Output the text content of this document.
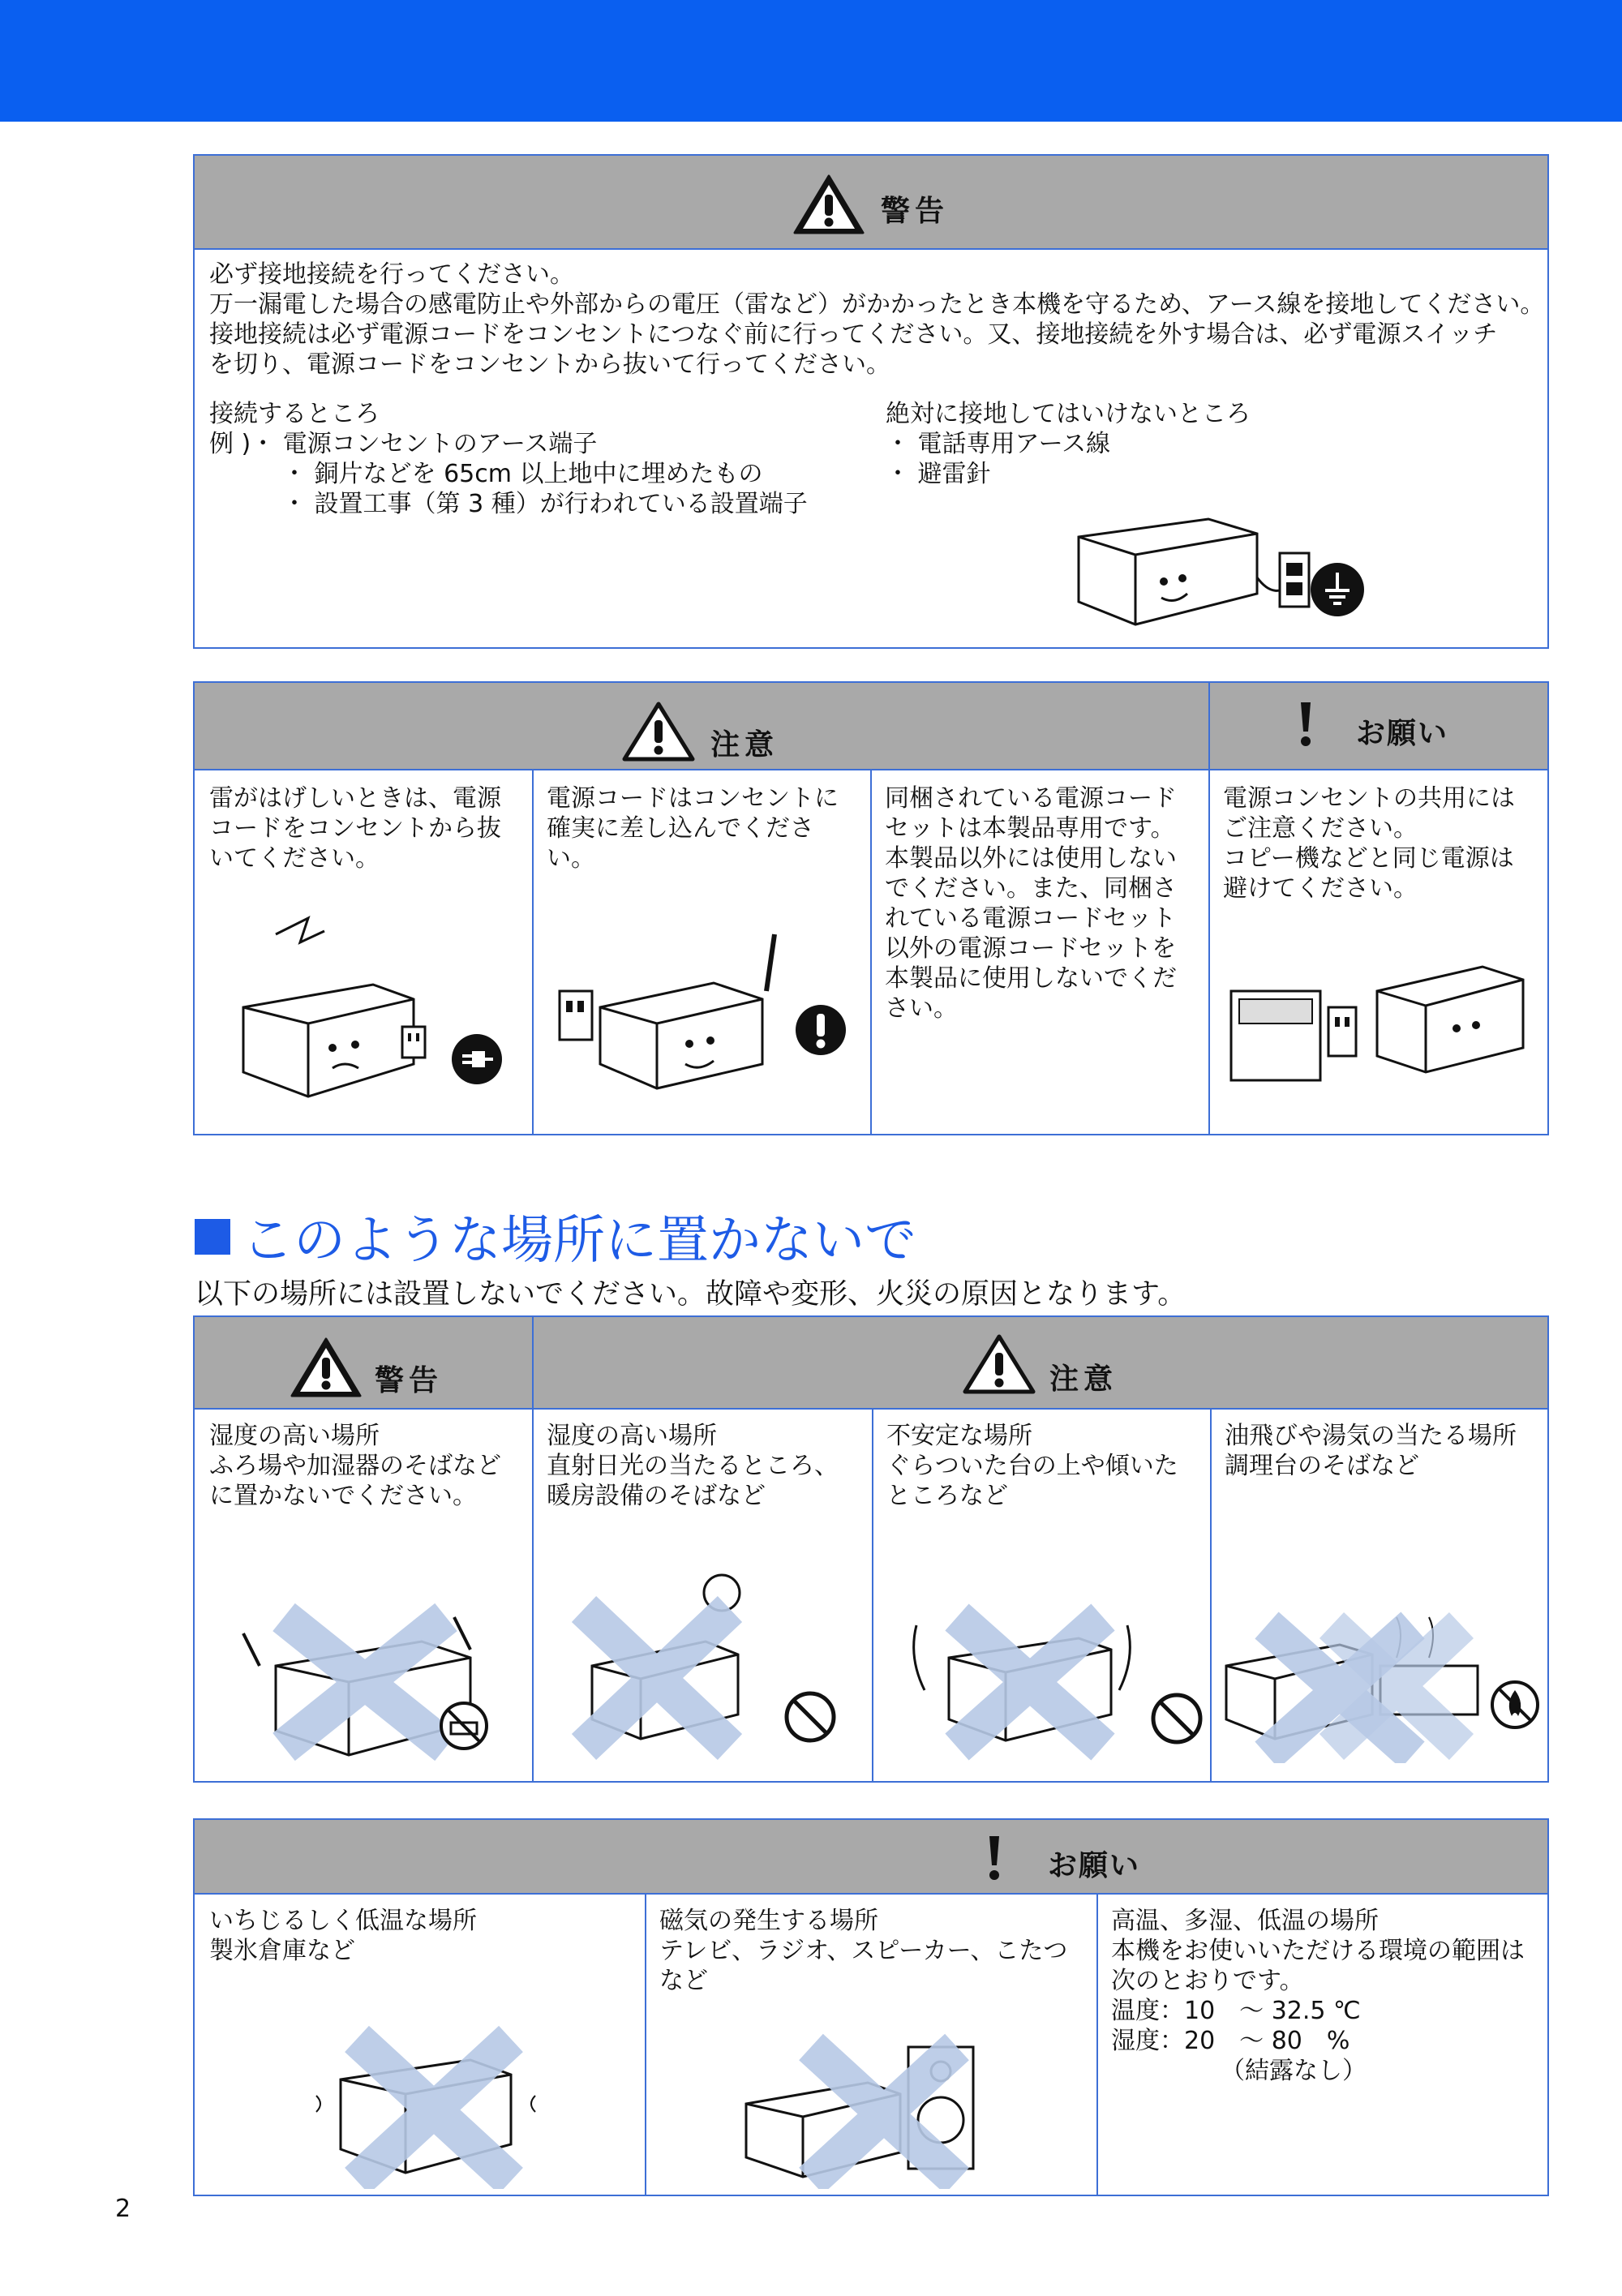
警告
必ず接地接続を行ってください。
万一漏電した場合の感電防止や外部からの電圧（雷など）がかかったとき本機を守るため、アース線を接地してください。
接地接続は必ず電源コードをコンセントにつなぐ前に行ってください。又、接地接続を外す場合は、必ず電源スイッチ
を切り、電源コードをコンセントから抜いて行ってください。
接続するところ
例 )・ 電源コンセントのアース端子
　　　・ 銅片などを 65cm 以上地中に埋めたもの
　　　・ 設置工事（第 3 種）が行われている設置端子
絶対に接地してはいけないところ
・ 電話専用アース線
・ 避雷針
注意	お願い
雷がはげしいときは、電源
コードをコンセントから抜
いてください。
電源コードはコンセントに
確実に差し込んでくださ
い。
同梱されている電源コード
セットは本製品専用です。
本製品以外には使用しない
でください。また、同梱さ
れている電源コードセット
以外の電源コードセットを
本製品に使用しないでくだ
さい。
電源コンセントの共用には
ご注意ください。
コピー機などと同じ電源は
避けてください。
このような場所に置かないで
以下の場所には設置しないでください。故障や変形、火災の原因となります。
警告	注意
湿度の高い場所
ふろ場や加湿器のそばなど
に置かないでください。
湿度の高い場所
直射日光の当たるところ、
暖房設備のそばなど
不安定な場所
ぐらついた台の上や傾いた
ところなど
油飛びや湯気の当たる場所
調理台のそばなど
お願い
いちじるしく低温な場所
製氷倉庫など
磁気の発生する場所
テレビ、ラジオ、スピーカー、こたつ
など
高温、多湿、低温の場所
本機をお使いいただける環境の範囲は
次のとおりです。
温度：10　～ 32.5 ℃
湿度：20　～ 80　%
　　　　　（結露なし）
2
